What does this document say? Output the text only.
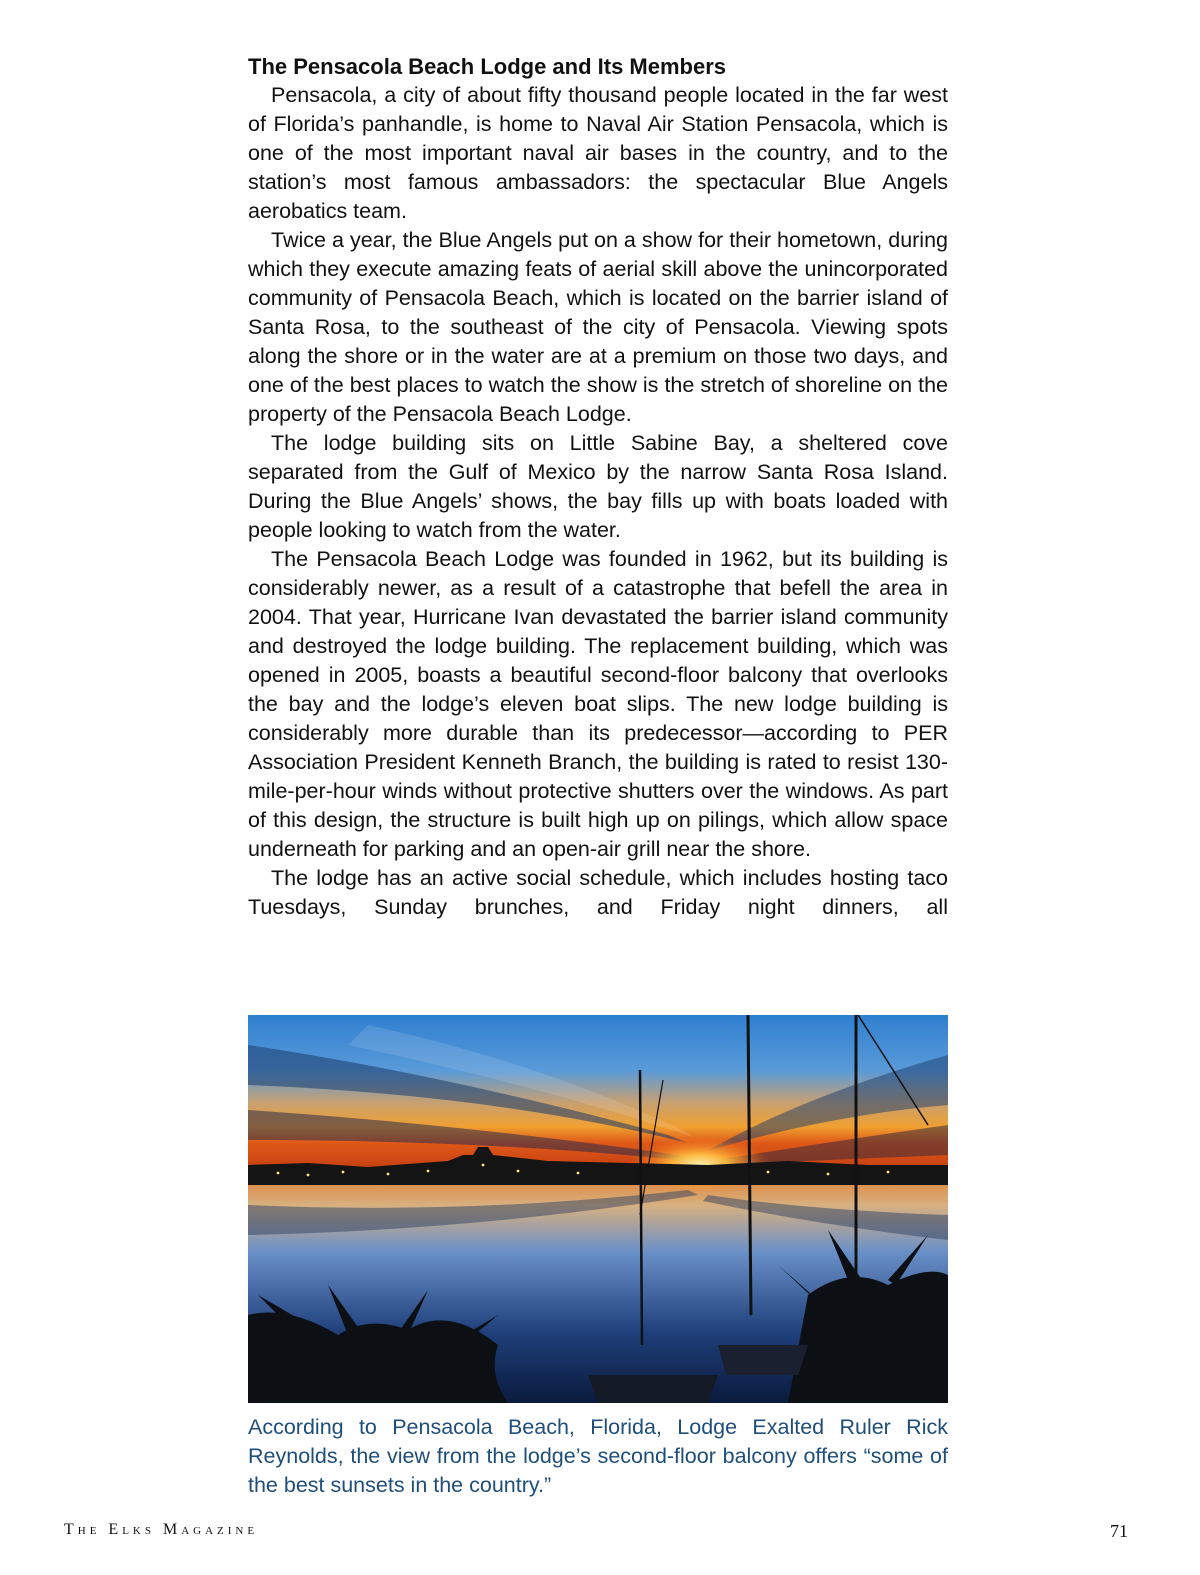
The Pensacola Beach Lodge and Its Members

Pensacola, a city of about fifty thousand people located in the far west of Florida’s panhandle, is home to Naval Air Station Pensacola, which is one of the most important naval air bases in the country, and to the station’s most famous ambassadors: the spectacular Blue Angels aerobatics team.

Twice a year, the Blue Angels put on a show for their hometown, during which they execute amazing feats of aerial skill above the unincorporated community of Pensacola Beach, which is located on the barrier island of Santa Rosa, to the southeast of the city of Pensacola. Viewing spots along the shore or in the water are at a premium on those two days, and one of the best places to watch the show is the stretch of shoreline on the property of the Pensacola Beach Lodge.

The lodge building sits on Little Sabine Bay, a sheltered cove separated from the Gulf of Mexico by the narrow Santa Rosa Island. During the Blue Angels’ shows, the bay fills up with boats loaded with people looking to watch from the water.

The Pensacola Beach Lodge was founded in 1962, but its building is considerably newer, as a result of a catastrophe that befell the area in 2004. That year, Hurricane Ivan devastated the barrier island community and destroyed the lodge building. The replacement building, which was opened in 2005, boasts a beautiful second-floor balcony that overlooks the bay and the lodge’s eleven boat slips. The new lodge building is considerably more durable than its predecessor—according to PER Association President Kenneth Branch, the building is rated to resist 130-mile-per-hour winds without protective shutters over the windows. As part of this design, the structure is built high up on pilings, which allow space underneath for parking and an open-air grill near the shore.

The lodge has an active social schedule, which includes hosting taco Tuesdays, Sunday brunches, and Friday night dinners, all

According to Pensacola Beach, Florida, Lodge Exalted Ruler Rick Reynolds, the view from the lodge’s second-floor balcony offers “some of the best sunsets in the country.”

The Elks Magazine	71
